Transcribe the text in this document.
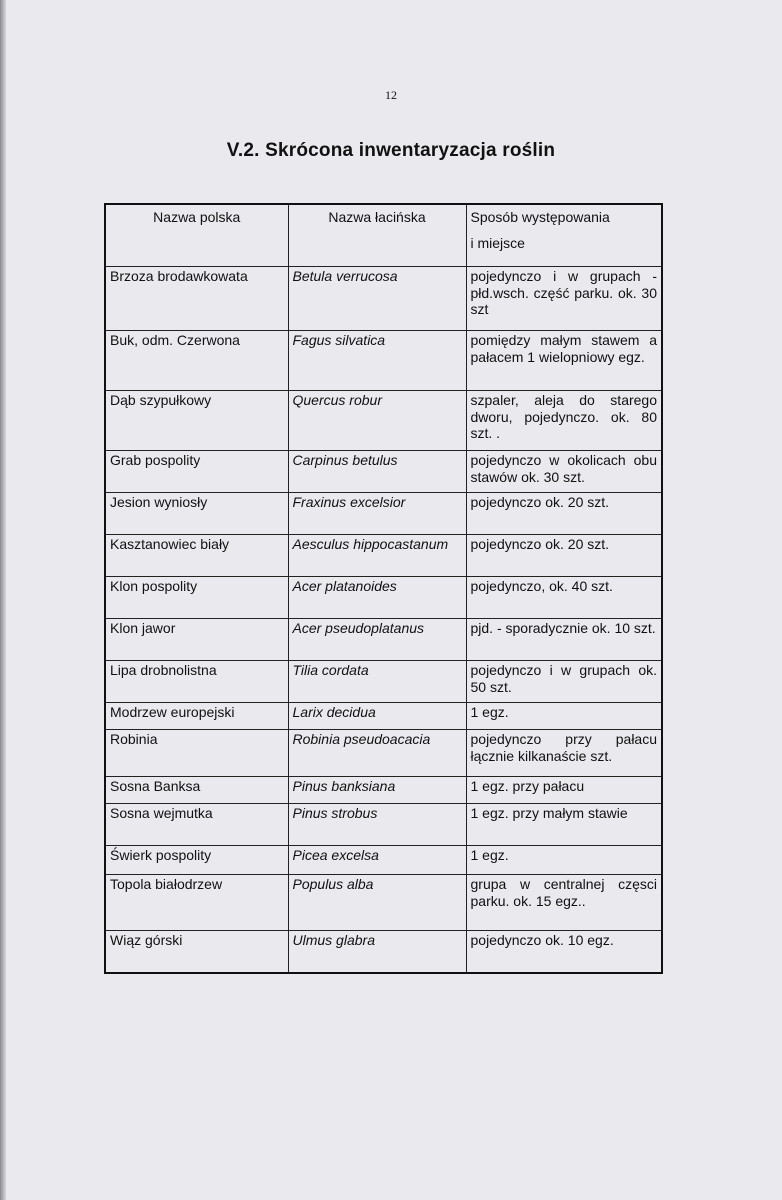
12
V.2. Skrócona inwentaryzacja roślin
Nazwa polska	Nazwa łacińska	Sposób występowania
i miejsce

Brzoza brodawkowata	Betula verrucosa	pojedynczo i w grupach - płd.wsch. część parku. ok. 30 szt
Buk, odm. Czerwona	Fagus silvatica	pomiędzy małym stawem a pałacem 1 wielopniowy egz.
Dąb szypułkowy	Quercus robur	szpaler, aleja do starego dworu, pojedynczo. ok. 80 szt. .
Grab pospolity	Carpinus betulus	pojedynczo w okolicach obu stawów ok. 30 szt.
Jesion wyniosły	Fraxinus excelsior	pojedynczo ok. 20 szt.
Kasztanowiec biały	Aesculus hippocastanum	pojedynczo ok. 20 szt.
Klon pospolity	Acer platanoides	pojedynczo, ok. 40 szt.
Klon jawor	Acer pseudoplatanus	pjd. - sporadycznie ok. 10 szt.
Lipa drobnolistna	Tilia cordata	pojedynczo i w grupach ok. 50 szt.
Modrzew europejski	Larix decidua	1 egz.
Robinia	Robinia pseudoacacia	pojedynczo przy pałacu łącznie kilkanaście szt.
Sosna Banksa	Pinus banksiana	1 egz. przy pałacu
Sosna wejmutka	Pinus strobus	1 egz. przy małym stawie
Świerk pospolity	Picea excelsa	1 egz.
Topola białodrzew	Populus alba	grupa w centralnej częsci parku. ok. 15 egz..
Wiąz górski	Ulmus glabra	pojedynczo ok. 10 egz.
